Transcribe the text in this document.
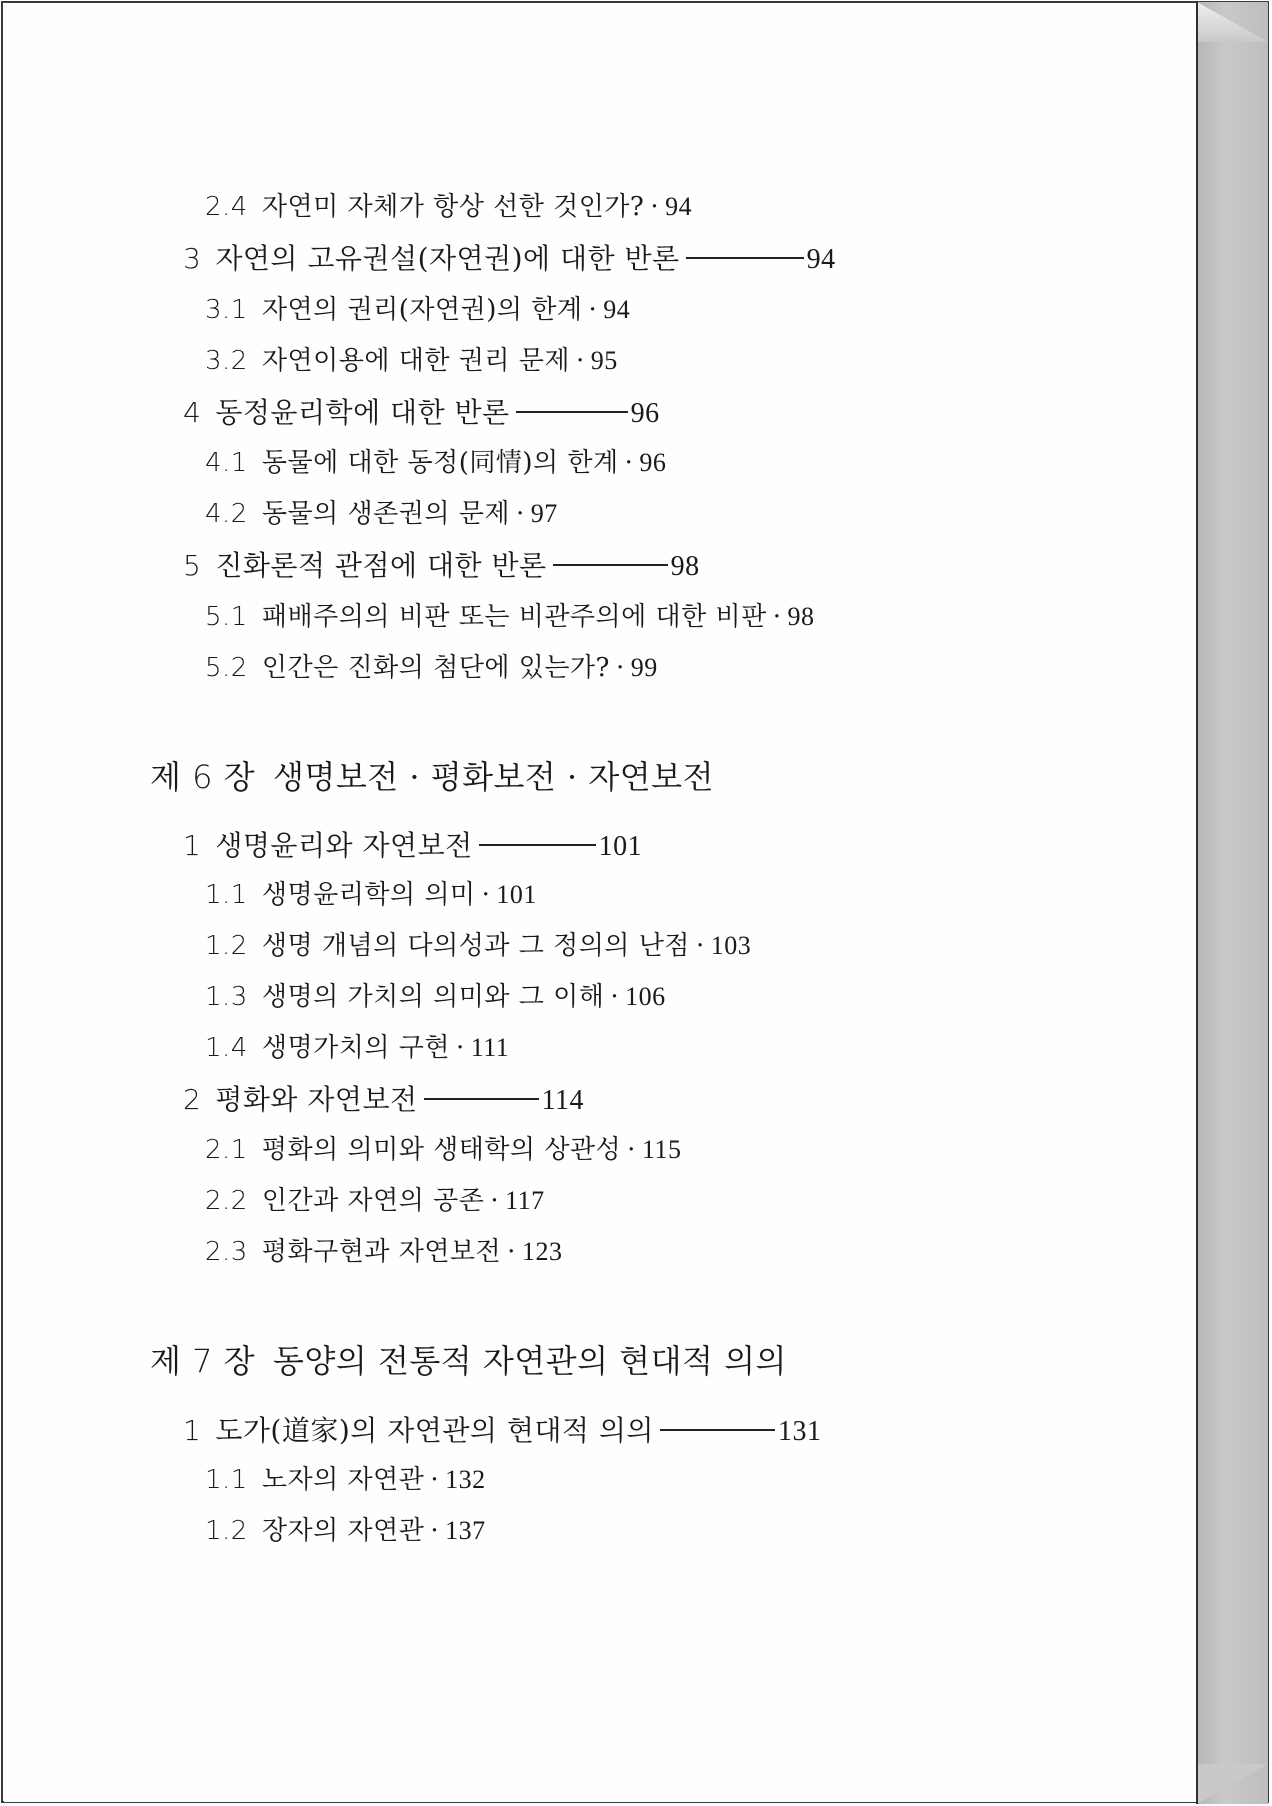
2.4 자연미 자체가 항상 선한 것인가? · 94
3 자연의 고유권설(자연권)에 대한 반론	94
3.1 자연의 권리(자연권)의 한계 · 94
3.2 자연이용에 대한 권리 문제 · 95
4 동정윤리학에 대한 반론	96
4.1 동물에 대한 동정(同情)의 한계 · 96
4.2 동물의 생존권의 문제 · 97
5 진화론적 관점에 대한 반론	98
5.1 패배주의의 비판 또는 비관주의에 대한 비판 · 98
5.2 인간은 진화의 첨단에 있는가? · 99
제 6 장 생명보전 · 평화보전 · 자연보전
1 생명윤리와 자연보전	101
1.1 생명윤리학의 의미 · 101
1.2 생명 개념의 다의성과 그 정의의 난점 · 103
1.3 생명의 가치의 의미와 그 이해 · 106
1.4 생명가치의 구현 · 111
2 평화와 자연보전	114
2.1 평화의 의미와 생태학의 상관성 · 115
2.2 인간과 자연의 공존 · 117
2.3 평화구현과 자연보전 · 123
제 7 장 동양의 전통적 자연관의 현대적 의의
1 도가(道家)의 자연관의 현대적 의의	131
1.1 노자의 자연관 · 132
1.2 장자의 자연관 · 137
